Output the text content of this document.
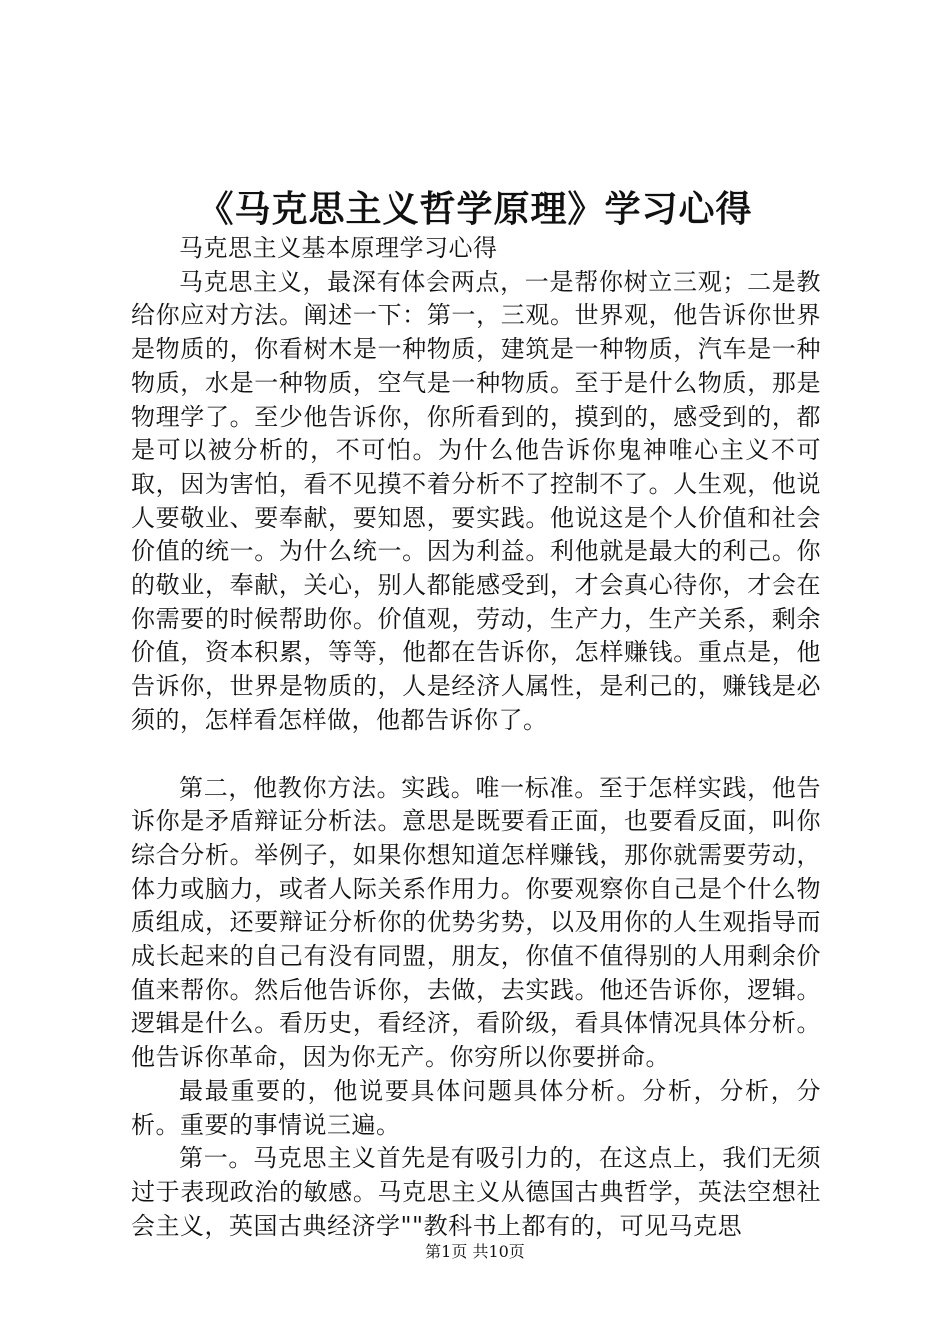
《马克思主义哲学原理》学习心得

马克思主义基本原理学习心得

马克思主义，最深有体会两点，一是帮你树立三观；二是教给你应对方法。阐述一下：第一，三观。世界观，他告诉你世界是物质的，你看树木是一种物质，建筑是一种物质，汽车是一种物质，水是一种物质，空气是一种物质。至于是什么物质，那是物理学了。至少他告诉你，你所看到的，摸到的，感受到的，都是可以被分析的，不可怕。为什么他告诉你鬼神唯心主义不可取，因为害怕，看不见摸不着分析不了控制不了。人生观，他说人要敬业、要奉献，要知恩，要实践。他说这是个人价值和社会价值的统一。为什么统一。因为利益。利他就是最大的利己。你的敬业，奉献，关心，别人都能感受到，才会真心待你，才会在你需要的时候帮助你。价值观，劳动，生产力，生产关系，剩余价值，资本积累，等等，他都在告诉你，怎样赚钱。重点是，他告诉你，世界是物质的，人是经济人属性，是利己的，赚钱是必须的，怎样看怎样做，他都告诉你了。

第二，他教你方法。实践。唯一标准。至于怎样实践，他告诉你是矛盾辩证分析法。意思是既要看正面，也要看反面，叫你综合分析。举例子，如果你想知道怎样赚钱，那你就需要劳动，体力或脑力，或者人际关系作用力。你要观察你自己是个什么物质组成，还要辩证分析你的优势劣势，以及用你的人生观指导而成长起来的自己有没有同盟，朋友，你值不值得别的人用剩余价值来帮你。然后他告诉你，去做，去实践。他还告诉你，逻辑。逻辑是什么。看历史，看经济，看阶级，看具体情况具体分析。他告诉你革命，因为你无产。你穷所以你要拼命。

最最重要的，他说要具体问题具体分析。分析，分析，分析。重要的事情说三遍。

第一。马克思主义首先是有吸引力的，在这点上，我们无须过于表现政治的敏感。马克思主义从德国古典哲学，英法空想社会主义，英国古典经济学""教科书上都有的，可见马克思

第1页 共10页
